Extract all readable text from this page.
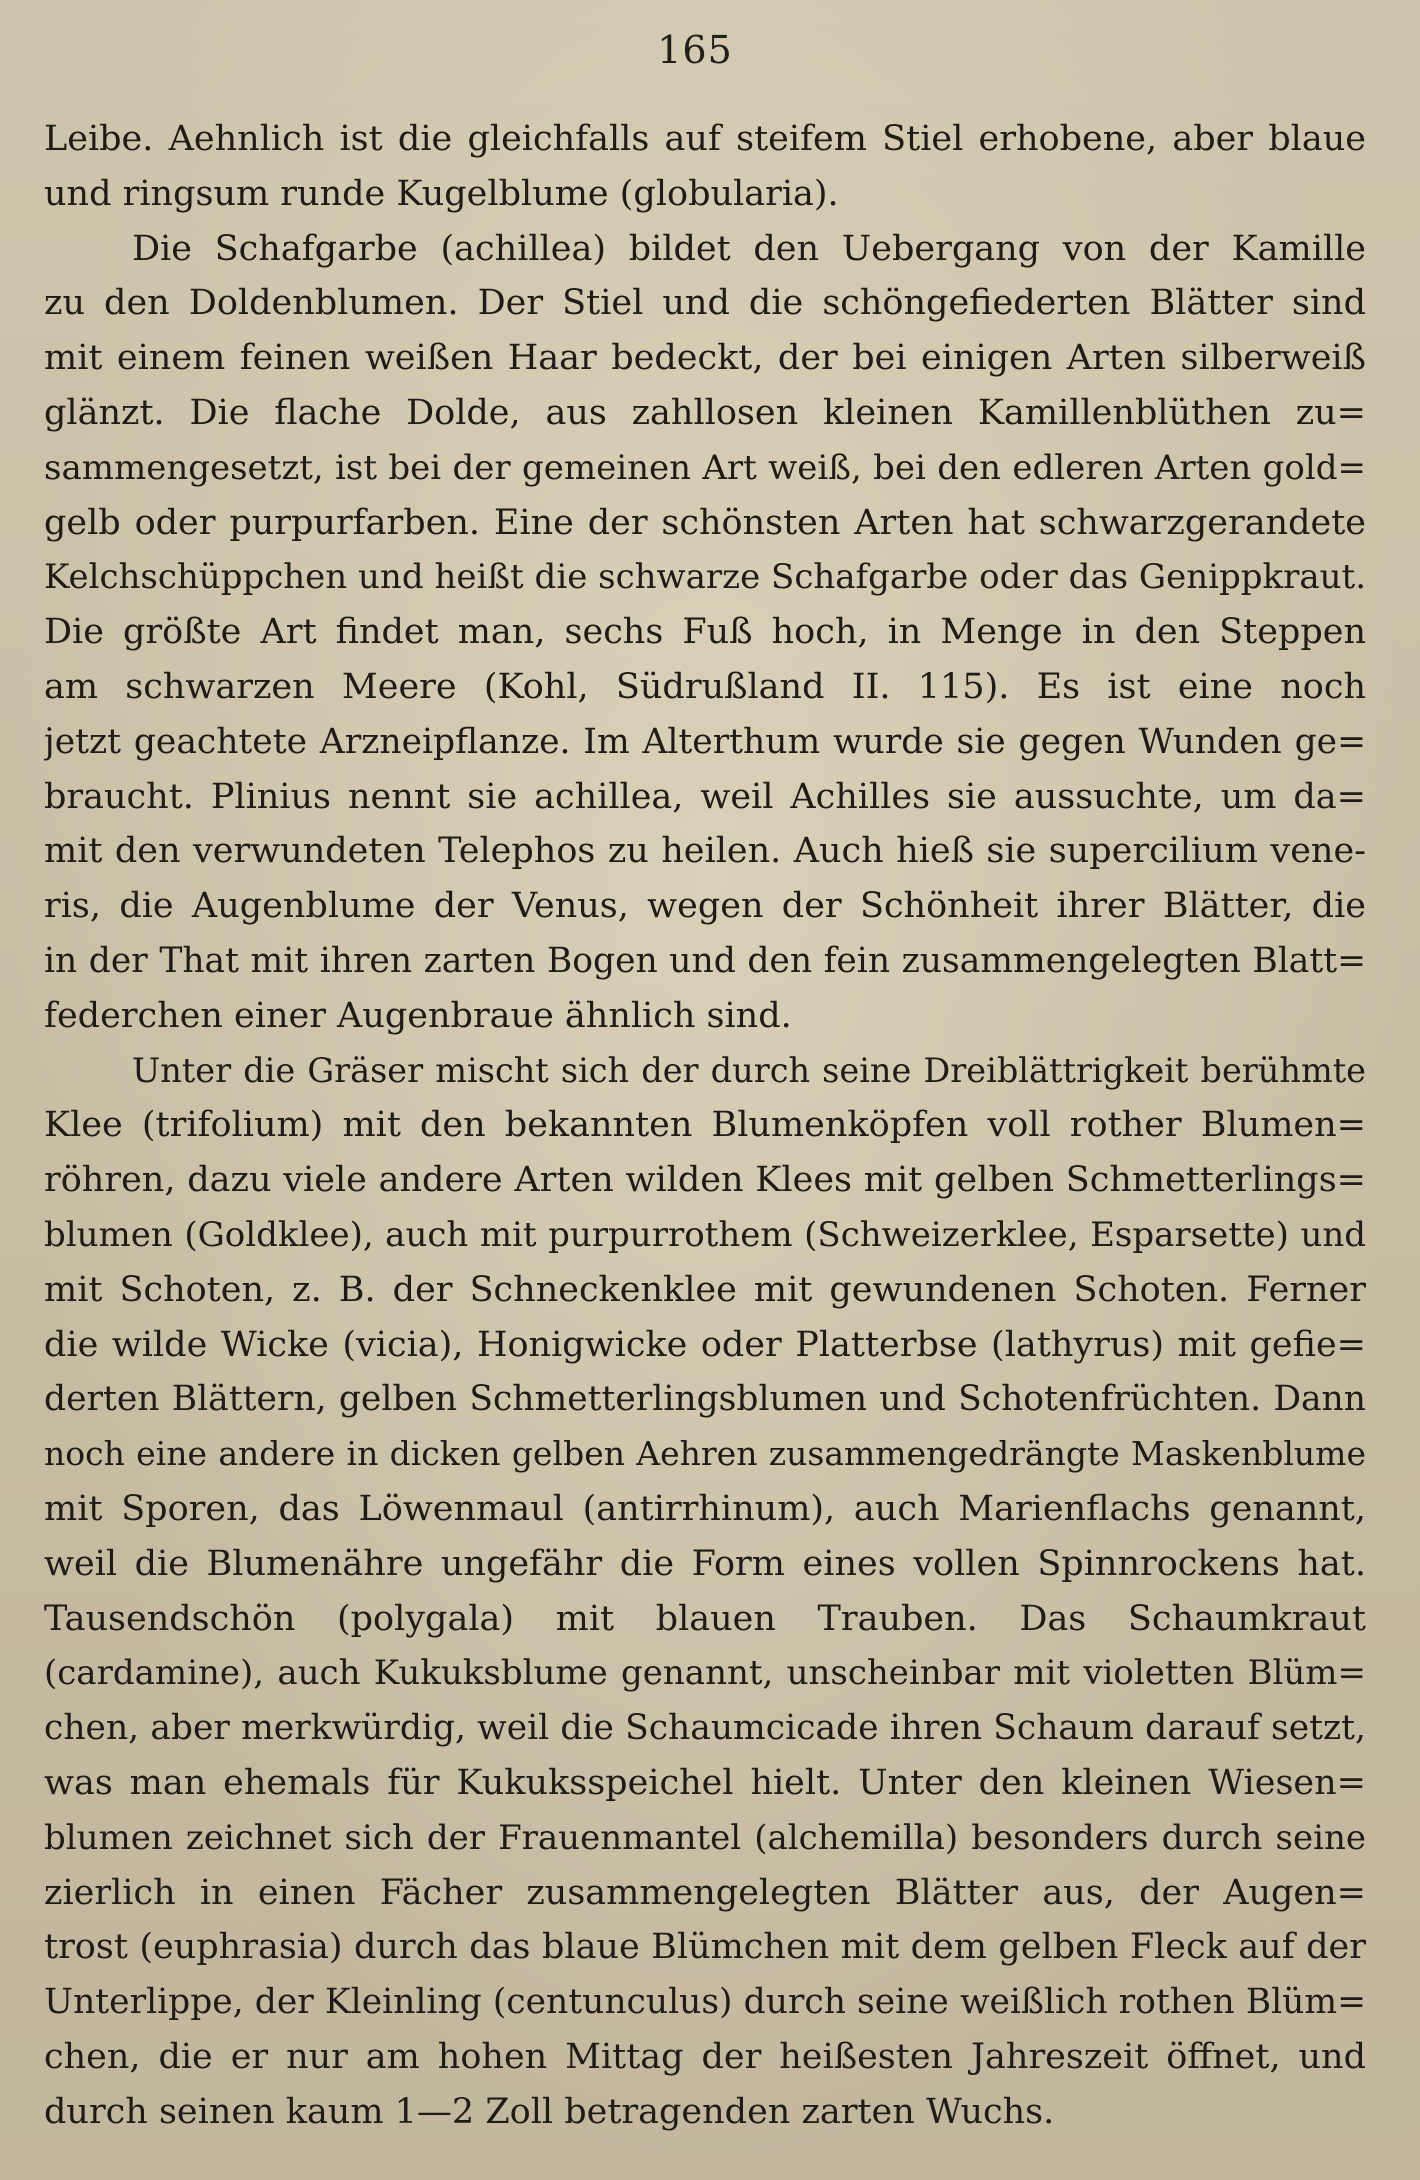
165
Leibe. Aehnlich ist die gleichfalls auf steifem Stiel erhobene, aber blaue
und ringsum runde Kugelblume (globularia).
Die Schafgarbe (achillea) bildet den Uebergang von der Kamille
zu den Doldenblumen. Der Stiel und die schöngefiederten Blätter sind
mit einem feinen weißen Haar bedeckt, der bei einigen Arten silberweiß
glänzt. Die flache Dolde, aus zahllosen kleinen Kamillenblüthen zu=
sammengesetzt, ist bei der gemeinen Art weiß, bei den edleren Arten gold=
gelb oder purpurfarben. Eine der schönsten Arten hat schwarzgerandete
Kelchschüppchen und heißt die schwarze Schafgarbe oder das Genippkraut.
Die größte Art findet man, sechs Fuß hoch, in Menge in den Steppen
am schwarzen Meere (Kohl, Südrußland II. 115). Es ist eine noch
jetzt geachtete Arzneipflanze. Im Alterthum wurde sie gegen Wunden ge=
braucht. Plinius nennt sie achillea, weil Achilles sie aussuchte, um da=
mit den verwundeten Telephos zu heilen. Auch hieß sie supercilium vene-
ris, die Augenblume der Venus, wegen der Schönheit ihrer Blätter, die
in der That mit ihren zarten Bogen und den fein zusammengelegten Blatt=
federchen einer Augenbraue ähnlich sind.
Unter die Gräser mischt sich der durch seine Dreiblättrigkeit berühmte
Klee (trifolium) mit den bekannten Blumenköpfen voll rother Blumen=
röhren, dazu viele andere Arten wilden Klees mit gelben Schmetterlings=
blumen (Goldklee), auch mit purpurrothem (Schweizerklee, Esparsette) und
mit Schoten, z. B. der Schneckenklee mit gewundenen Schoten. Ferner
die wilde Wicke (vicia), Honigwicke oder Platterbse (lathyrus) mit gefie=
derten Blättern, gelben Schmetterlingsblumen und Schotenfrüchten. Dann
noch eine andere in dicken gelben Aehren zusammengedrängte Maskenblume
mit Sporen, das Löwenmaul (antirrhinum), auch Marienflachs genannt,
weil die Blumenähre ungefähr die Form eines vollen Spinnrockens hat.
Tausendschön (polygala) mit blauen Trauben. Das Schaumkraut
(cardamine), auch Kukuksblume genannt, unscheinbar mit violetten Blüm=
chen, aber merkwürdig, weil die Schaumcicade ihren Schaum darauf setzt,
was man ehemals für Kukuksspeichel hielt. Unter den kleinen Wiesen=
blumen zeichnet sich der Frauenmantel (alchemilla) besonders durch seine
zierlich in einen Fächer zusammengelegten Blätter aus, der Augen=
trost (euphrasia) durch das blaue Blümchen mit dem gelben Fleck auf der
Unterlippe, der Kleinling (centunculus) durch seine weißlich rothen Blüm=
chen, die er nur am hohen Mittag der heißesten Jahreszeit öffnet, und
durch seinen kaum 1—2 Zoll betragenden zarten Wuchs.
